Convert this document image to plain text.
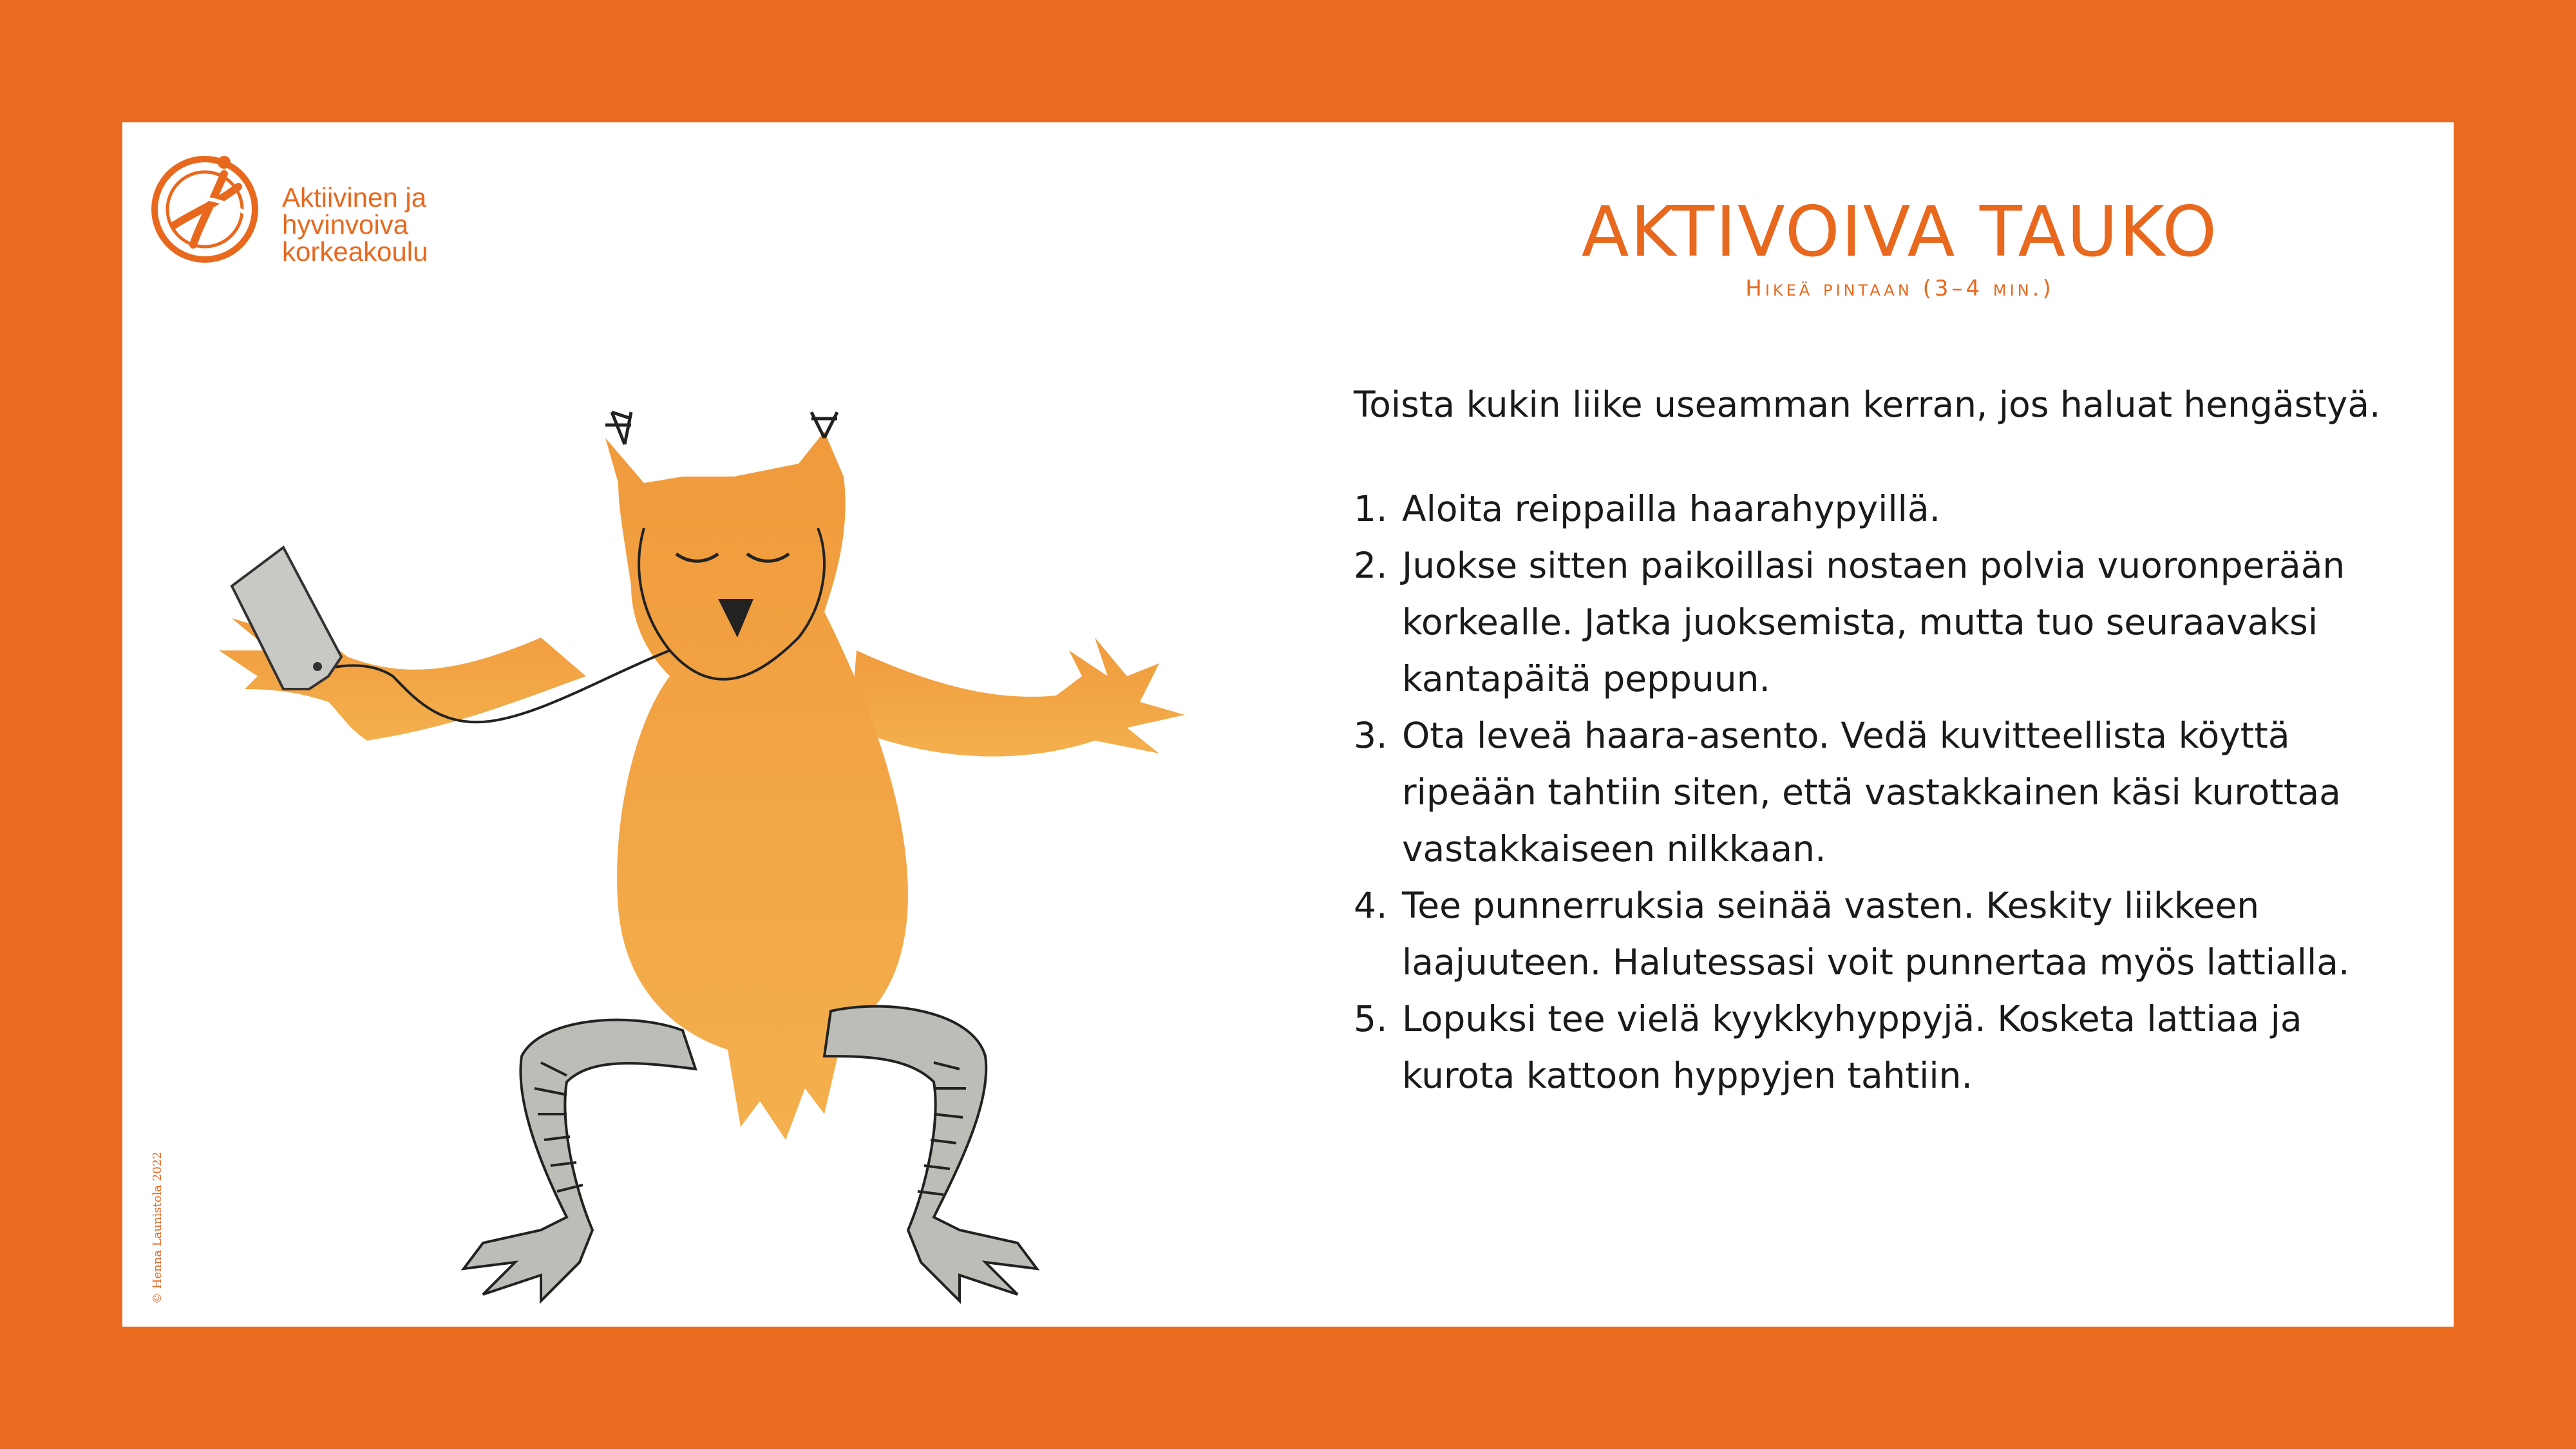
Aktiivinen ja
hyvinvoiva
korkeakoulu	AKTIVOIVA TAUKO
Hikeä pintaan (3–4 min.)
Toista kukin liike useamman kerran, jos haluat hengästyä.
1. Aloita reippailla haarahypyillä.
2. Juokse sitten paikoillasi nostaen polvia vuoronperään korkealle. Jatka juoksemista, mutta tuo seuraavaksi kantapäitä peppuun.
3. Ota leveä haara-asento. Vedä kuvitteellista köyttä ripeään tahtiin siten, että vastakkainen käsi kurottaa vastakkaiseen nilkkaan.
4. Tee punnerruksia seinää vasten. Keskity liikkeen laajuuteen. Halutessasi voit punnertaa myös lattialla.
5. Lopuksi tee vielä kyykkyhyppyjä. Kosketa lattiaa ja kurota kattoon hyppyjen tahtiin.
© Henna Launistola 2022
